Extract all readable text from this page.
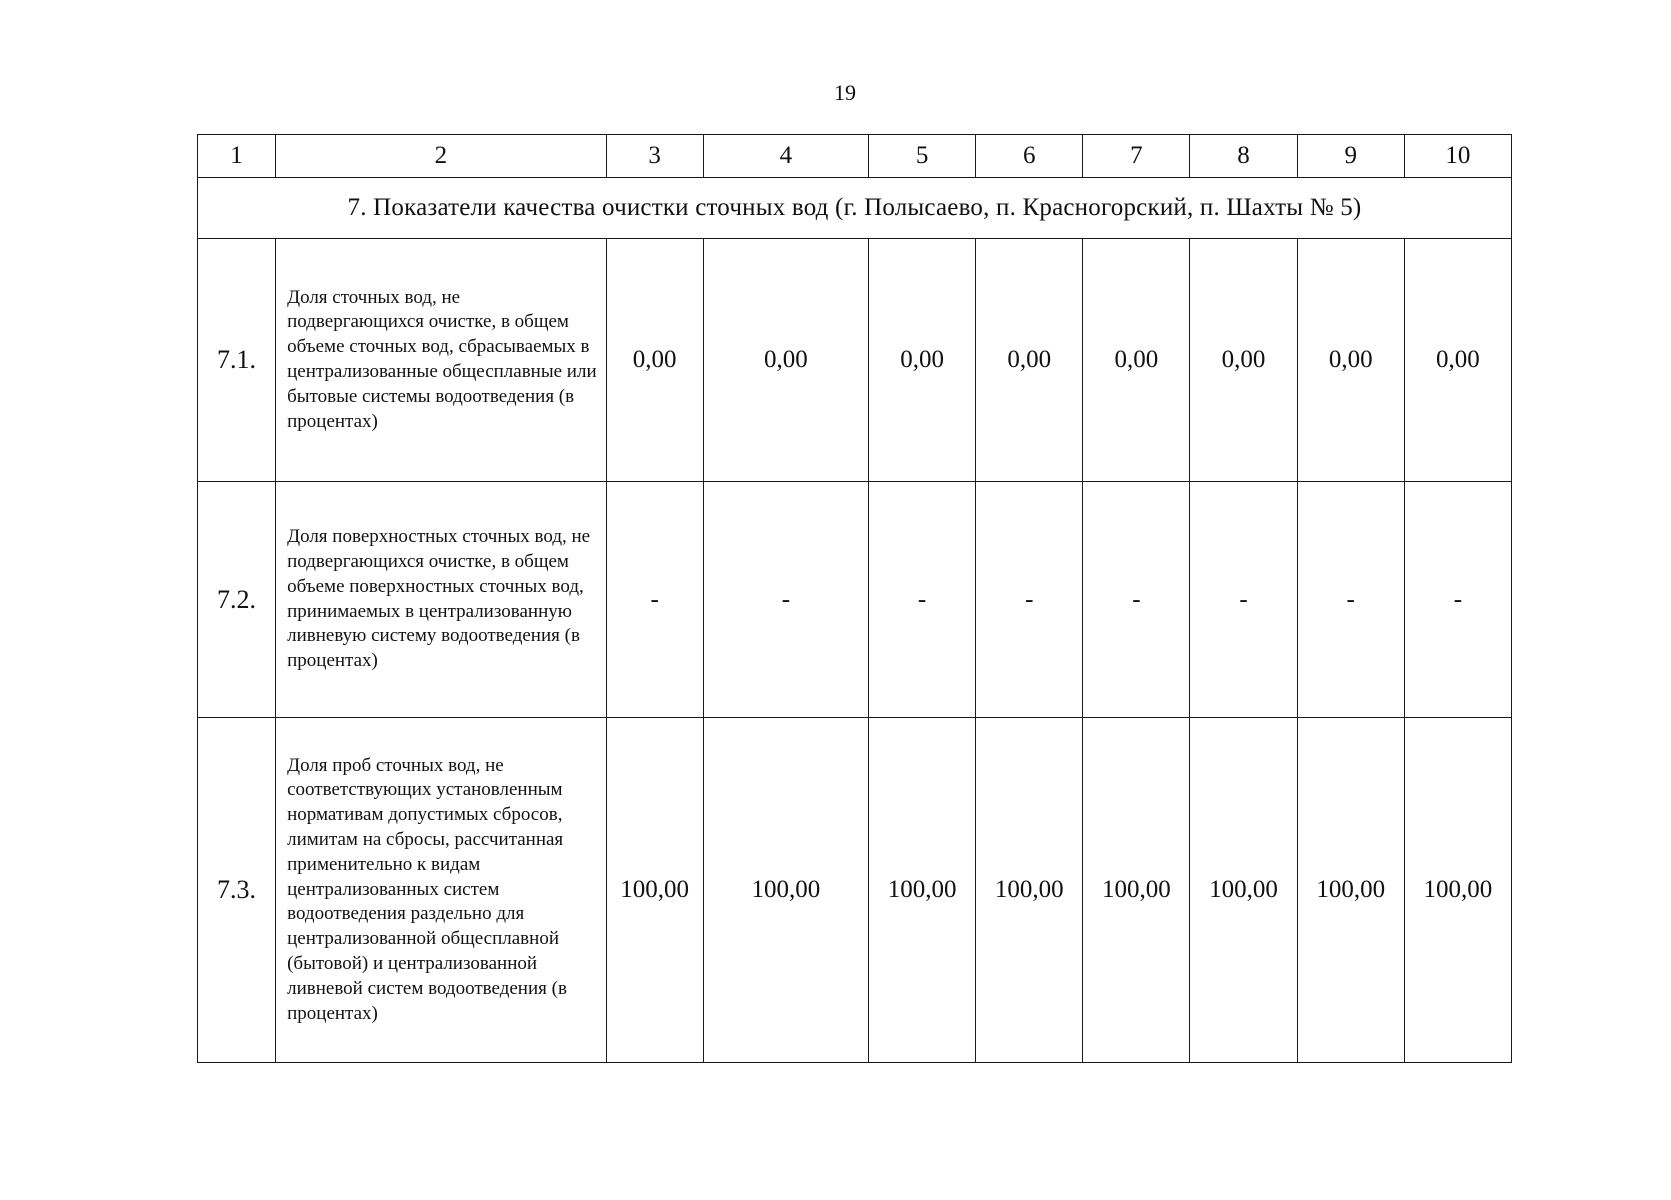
19
1	2	3	4	5	6	7	8	9	10
7. Показатели качества очистки сточных вод (г. Полысаево, п. Красногорский, п. Шахты № 5)									
7.1.	Доля сточных вод, не подвергающихся очистке, в общем объеме сточных вод, сбрасываемых в централизованные общесплавные или бытовые системы водоотведения (в процентах)	0,00	0,00	0,00	0,00	0,00	0,00	0,00	0,00
7.2.	Доля поверхностных сточных вод, не подвергающихся очистке, в общем объеме поверхностных сточных вод, принимаемых в централизованную ливневую систему водоотведения (в процентах)	-	-	-	-	-	-	-	-
7.3.	Доля проб сточных вод, не соответствующих установленным нормативам допустимых сбросов, лимитам на сбросы, рассчитанная применительно к видам централизованных систем водоотведения раздельно для централизованной общесплавной (бытовой) и централизованной ливневой систем водоотведения (в процентах)	100,00	100,00	100,00	100,00	100,00	100,00	100,00	100,00
